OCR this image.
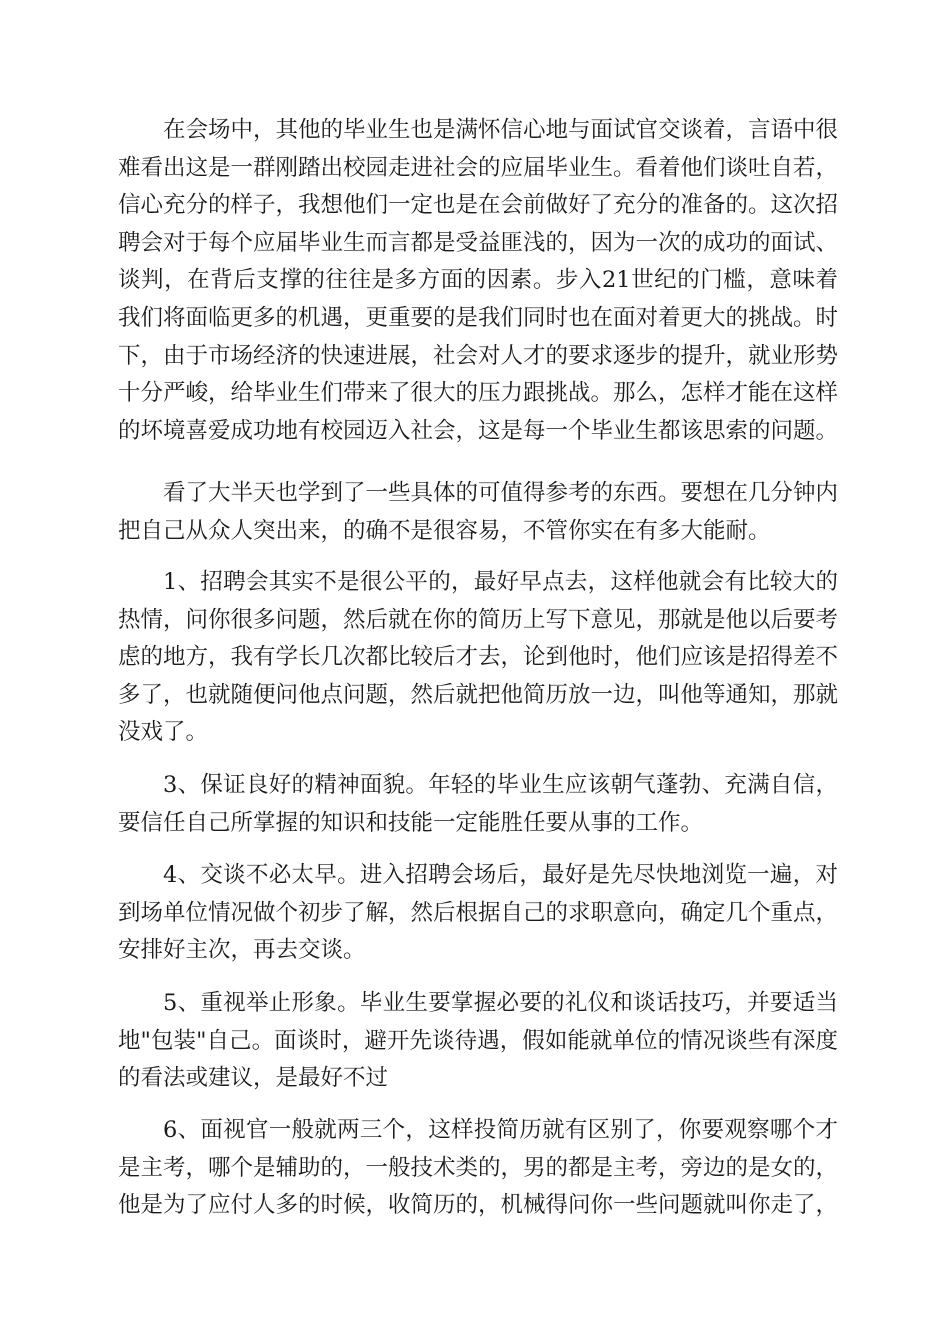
在会场中，其他的毕业生也是满怀信心地与面试官交谈着，言语中很难看出这是一群刚踏出校园走进社会的应届毕业生。看着他们谈吐自若，信心充分的样子，我想他们一定也是在会前做好了充分的准备的。这次招聘会对于每个应届毕业生而言都是受益匪浅的，因为一次的成功的面试、谈判，在背后支撑的往往是多方面的因素。步入21世纪的门槛，意味着我们将面临更多的机遇，更重要的是我们同时也在面对着更大的挑战。时下，由于市场经济的快速进展，社会对人才的要求逐步的提升，就业形势十分严峻，给毕业生们带来了很大的压力跟挑战。那么，怎样才能在这样的坏境喜爱成功地有校园迈入社会，这是每一个毕业生都该思索的问题。

看了大半天也学到了一些具体的可值得参考的东西。要想在几分钟内把自己从众人突出来，的确不是很容易，不管你实在有多大能耐。

1、招聘会其实不是很公平的，最好早点去，这样他就会有比较大的热情，问你很多问题，然后就在你的简历上写下意见，那就是他以后要考虑的地方，我有学长几次都比较后才去，论到他时，他们应该是招得差不多了，也就随便问他点问题，然后就把他简历放一边，叫他等通知，那就没戏了。

3、保证良好的精神面貌。年轻的毕业生应该朝气蓬勃、充满自信，要信任自己所掌握的知识和技能一定能胜任要从事的工作。

4、交谈不必太早。进入招聘会场后，最好是先尽快地浏览一遍，对到场单位情况做个初步了解，然后根据自己的求职意向，确定几个重点，安排好主次，再去交谈。

5、重视举止形象。毕业生要掌握必要的礼仪和谈话技巧，并要适当地"包装"自己。面谈时，避开先谈待遇，假如能就单位的情况谈些有深度的看法或建议，是最好不过

6、面视官一般就两三个，这样投简历就有区别了，你要观察哪个才是主考，哪个是辅助的，一般技术类的，男的都是主考，旁边的是女的，他是为了应付人多的时候，收简历的，机械得问你一些问题就叫你走了，
